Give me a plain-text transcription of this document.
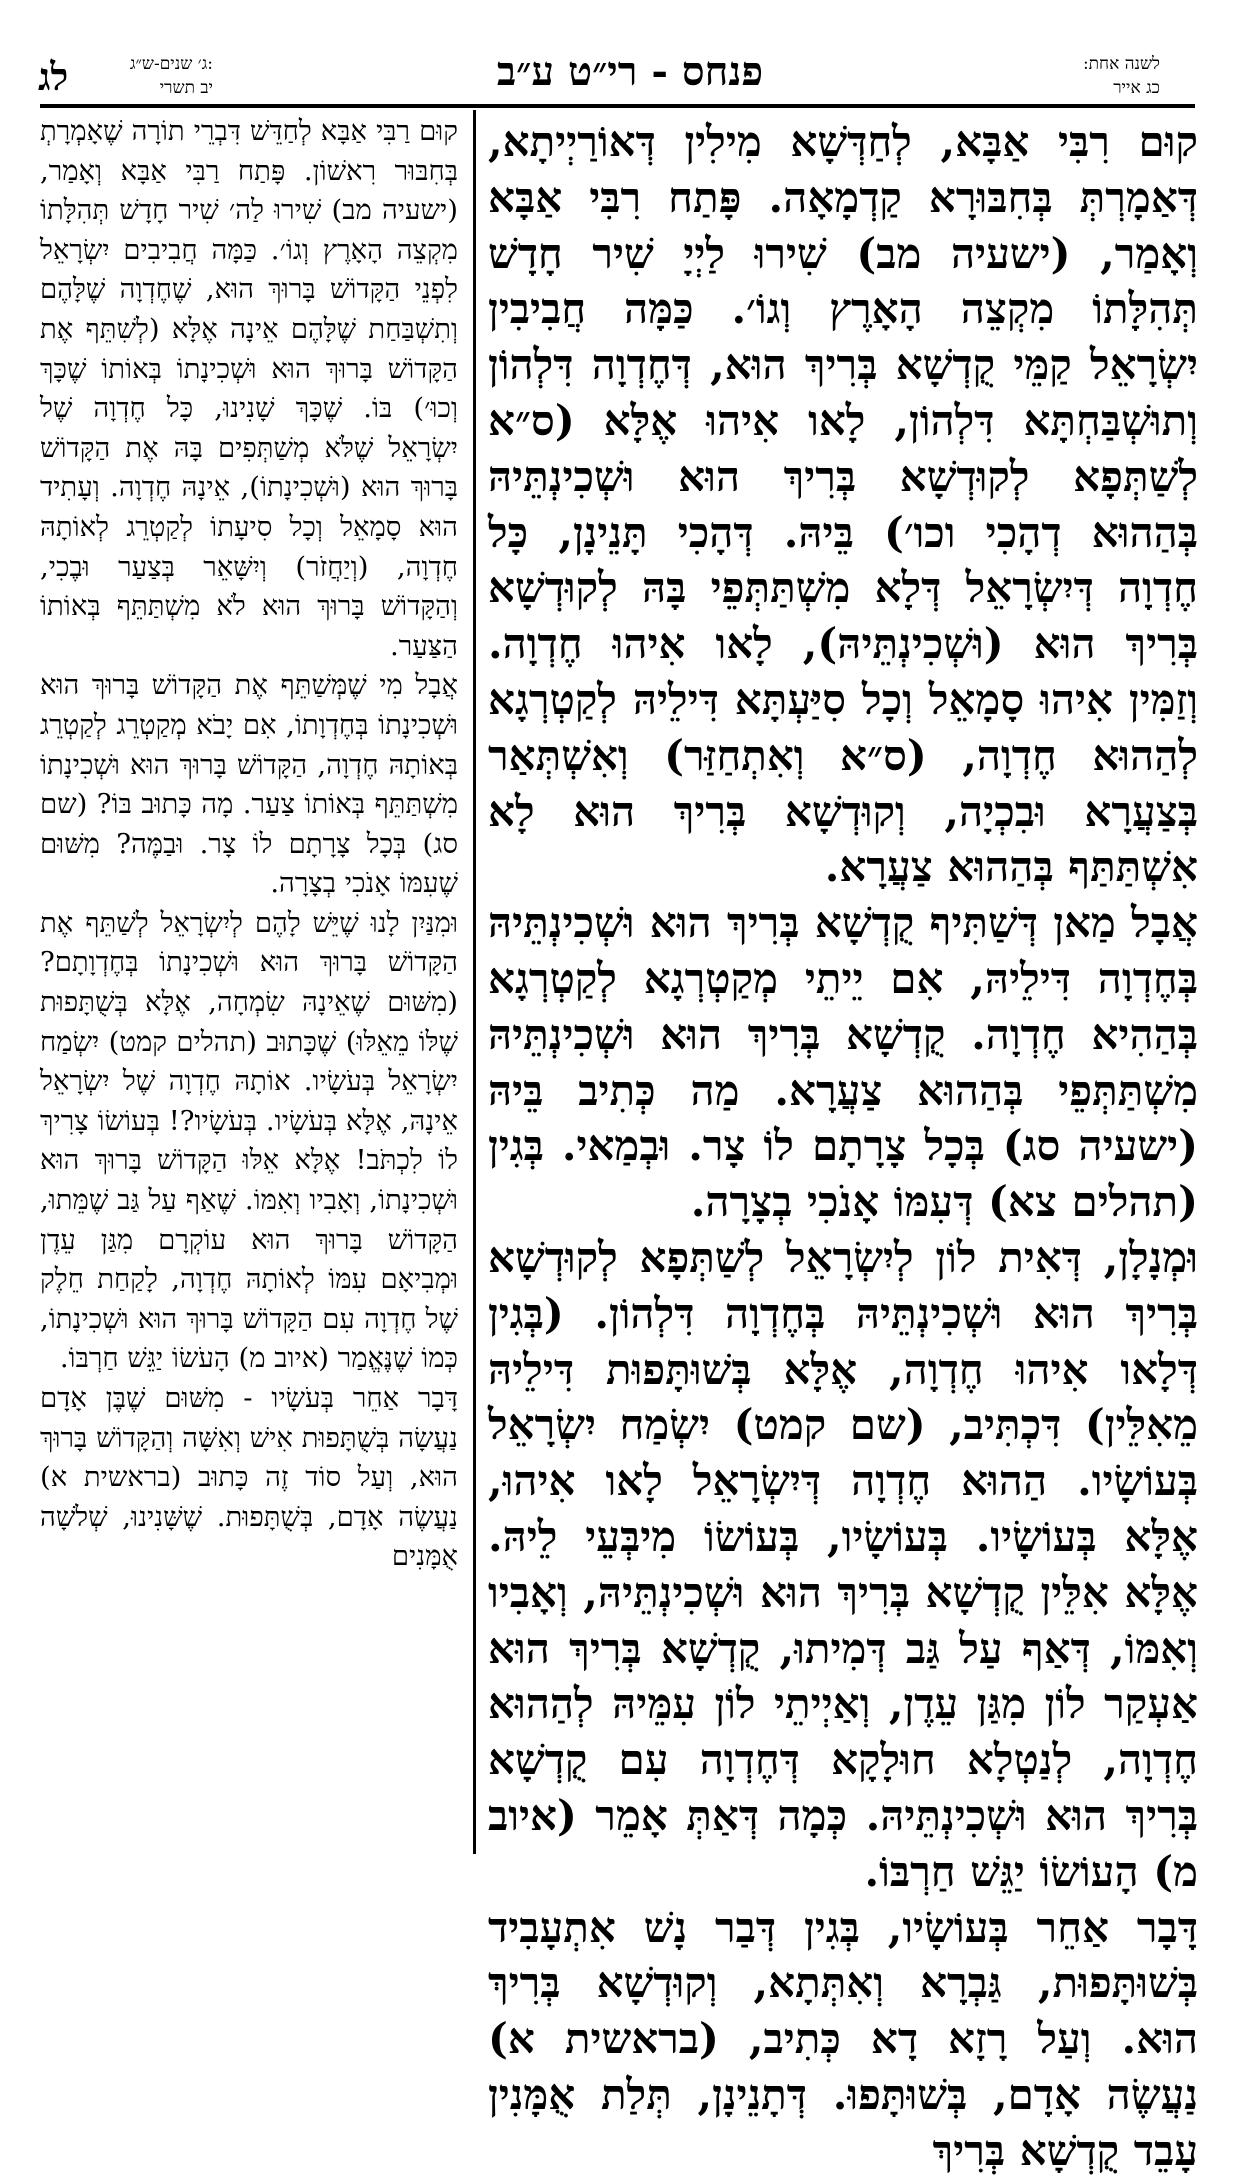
לג	ג׳ שנים-ש״ג:
יב תשרי	פנחס - רי״ט ע״ב	לשנה אחת:
כג אייר

קוּם רִבִּי אַבָּא, לְחַדְּשָׁא מִילִין דְּאוֹרַיְיתָא, דְּאַמָרְתְּ בְּחִבּוּרָא קַדְמָאָה. פָּתַח רִבִּי אַבָּא וְאָמַר, (ישעיה מב) שִׁירוּ לַיְיָ שִׁיר חָדָשׁ תְּהִלָּתוֹ מִקְצֵה הָאָרֶץ וְגוֹ׳. כַּמָּה חֲבִיבִין יִשְׂרָאֵל קַמֵּי קֻדְשָׁא בְּרִיךְ הוּא, דְּחֶדְוָה דִּלְהוֹן וְתוּשְׁבַּחְתָּא דִּלְהוֹן, לָאו אִיהוּ אֶלָּא (ס״א לְשַׁתְּפָא לְקוּדְשָׁא בְּרִיךְ הוּא וּשְׁכִינְתֵּיהּ בְּהַהוּא דְהָכִי וכו׳) בֵּיהּ. דְּהָכִי תָּנֵינָן, כָּל חֶדְוָה דְּיִשְׂרָאֵל דְּלָא מִשְׁתַּתְּפֵי בָּהּ לְקוּדְשָׁא בְּרִיךְ הוּא (וּשְׁכִינְתֵּיהּ), לָאו אִיהוּ חֶדְוָה. וְזַמִּין אִיהוּ סָמָאֵל וְכָל סִיַּעְתָּא דִּילֵיהּ לְקַטְרְגָא לְהַהוּא חֶדְוָה, (ס״א וְאִתְחַזַּר) וְאִשְׁתְּאַר בְּצַעֲרָא וּבִכְיָה, וְקוּדְשָׁא בְּרִיךְ הוּא לָא אִשְׁתַּתַּף בְּהַהוּא צַעֲרָא.

אֲבָל מַאן דְּשַׁתִּיף קֻדְשָׁא בְּרִיךְ הוּא וּשְׁכִינְתֵּיהּ בְּחֶדְוָה דִּילֵיהּ, אִם יֵיתֵי מְקַטְרְגָא לְקַטְרְגָא בְּהַהִיא חֶדְוָה. קֻדְשָׁא בְּרִיךְ הוּא וּשְׁכִינְתֵּיהּ מִשְׁתַּתְּפֵי בְּהַהוּא צַעֲרָא. מַה כְּתִיב בֵּיהּ (ישעיה סג) בְּכָל צָרָתָם לוֹ צָר. וּבְמַאי. בְּגִין (תהלים צא) דְּעִמּוֹ אָנֹכִי בְצָרָה.

וּמְנָלָן, דְּאִית לוֹן לְיִשְׂרָאֵל לְשַׁתְּפָא לְקוּדְשָׁא בְּרִיךְ הוּא וּשְׁכִינְתֵּיהּ בְּחֶדְוָה דִּלְהוֹן. (בְּגִין דְּלָאו אִיהוּ חֶדְוָה, אֶלָּא בְּשׁוּתָּפוּת דִּילֵיהּ מֵאִלֵּין) דִּכְתִּיב, (שם קמט) יִשְׂמַח יִשְׂרָאֵל בְּעוֹשָׂיו. הַהוּא חֶדְוָה דְּיִשְׂרָאֵל לָאו אִיהוּ, אֶלָּא בְּעוֹשָׂיו. בְּעוֹשָׂיו, בְּעוֹשׂוֹ מִיבְּעֵי לֵיהּ. אֶלָּא אִלֵּין קֻדְשָׁא בְּרִיךְ הוּא וּשְׁכִינְתֵּיהּ, וְאָבִיו וְאִמּוֹ, דְּאַף עַל גַּב דְּמִיתוּ, קֻדְשָׁא בְּרִיךְ הוּא אַעְקַר לוֹן מִגַּן עֵדֶן, וְאַיְיתֵי לוֹן עִמֵּיהּ לְהַהוּא חֶדְוָה, לְנַטְלָא חוּלָקָא דְּחֶדְוָה עִם קֻדְשָׁא בְּרִיךְ הוּא וּשְׁכִינְתֵּיהּ. כְּמָה דְּאַתְּ אָמֵר (איוב מ) הָעוֹשׂוֹ יַגֵּשׁ חַרְבּוֹ.

דָּבָר אַחֵר בְּעוֹשָׂיו, בְּגִין דְּבַר נָשׁ אִתְעָבִיד בְּשׁוּתָּפוּת, גַּבְרָא וְאִתְּתָא, וְקוּדְשָׁא בְּרִיךְ הוּא. וְעַל רָזָא דָא כְּתִיב, (בראשית א) נַעֲשֶׂה אָדָם, בְּשׁוּתָּפוּ. דְּתָנֵינָן, תְּלַת אֻמָּנִין עָבֵד קֻדְשָׁא בְּרִיךְ

קוּם רַבִּי אַבָּא לְחַדֵּשׁ דִּבְרֵי תוֹרָה שֶׁאָמְרָתְ בְּחִבּוּר רִאשׁוֹן. פָּתַח רַבִּי אַבָּא וְאָמַר, (ישעיה מב) שִׁירוּ לַה׳ שִׁיר חָדָשׁ תְּהִלָּתוֹ מִקְצֵה הָאָרֶץ וְגוֹ׳. כַּמָּה חֲבִיבִים יִשְׂרָאֵל לִפְנֵי הַקָּדוֹשׁ בָּרוּךְ הוּא, שֶׁחֶדְוָה שֶׁלָּהֶם וְתִשְׁבַּחַת שֶׁלָּהֶם אֵינָה אֶלָּא (לְשִׁתֵּף אֶת הַקָּדוֹשׁ בָּרוּךְ הוּא וּשְׁכִינָתוֹ בְּאוֹתוֹ שֶׁכָּךְ וְכוּ׳) בּוֹ. שֶׁכָּךְ שָׁנִינוּ, כָּל חֶדְוָה שֶׁל יִשְׂרָאֵל שֶׁלֹּא מְשַׁתְּפִים בָּהּ אֶת הַקָּדוֹשׁ בָּרוּךְ הוּא (וּשְׁכִינָתוֹ), אֵינָהּ חֶדְוָה. וְעָתִיד הוּא סָמָאֵל וְכָל סִיעָתוֹ לְקַטְרֵג לְאוֹתָהּ חֶדְוָה, (וְיַחֲזֹר) וְיִשָּׁאֵר בְּצַעַר וּבֶכִי, וְהַקָּדוֹשׁ בָּרוּךְ הוּא לֹא מִשְׁתַּתֵּף בְּאוֹתוֹ הַצַּעַר.

אֲבָל מִי שֶׁמְּשַׁתֵּף אֶת הַקָּדוֹשׁ בָּרוּךְ הוּא וּשְׁכִינָתוֹ בְּחֶדְוָתוֹ, אִם יָבֹא מְקַטְרֵג לְקַטְרֵג בְּאוֹתָהּ חֶדְוָה, הַקָּדוֹשׁ בָּרוּךְ הוּא וּשְׁכִינָתוֹ מִשְׁתַּתֵּף בְּאוֹתוֹ צַעַר. מָה כָּתוּב בּוֹ? (שם סג) בְּכָל צָרָתָם לוֹ צָר. וּבַמֶּה? מִשּׁוּם שֶׁעִמּוֹ אָנֹכִי בְצָרָה.

וּמִנַּיִן לָנוּ שֶׁיֵּשׁ לָהֶם לְיִשְׂרָאֵל לְשַׁתֵּף אֶת הַקָּדוֹשׁ בָּרוּךְ הוּא וּשְׁכִינָתוֹ בְּחֶדְוָתָם? (מִשּׁוּם שֶׁאֵינָהּ שִׂמְחָה, אֶלָּא בְּשֻׁתָּפוּת שֶׁלּוֹ מֵאֵלּוּ) שֶׁכָּתוּב (תהלים קמט) יִשְׂמַח יִשְׂרָאֵל בְּעֹשָׂיו. אוֹתָהּ חֶדְוָה שֶׁל יִשְׂרָאֵל אֵינָהּ, אֶלָּא בְּעֹשָׂיו. בְּעֹשָׂיו?! בְּעוֹשׂוֹ צָרִיךְ לוֹ לִכְתֹּב! אֶלָּא אֵלּוּ הַקָּדוֹשׁ בָּרוּךְ הוּא וּשְׁכִינָתוֹ, וְאָבִיו וְאִמּוֹ. שֶׁאַף עַל גַּב שֶׁמֵּתוּ, הַקָּדוֹשׁ בָּרוּךְ הוּא עוֹקְרָם מִגַּן עֵדֶן וּמְבִיאָם עִמּוֹ לְאוֹתָהּ חֶדְוָה, לָקַחַת חֵלֶק שֶׁל חֶדְוָה עִם הַקָּדוֹשׁ בָּרוּךְ הוּא וּשְׁכִינָתוֹ, כְּמוֹ שֶׁנֶּאֱמַר (איוב מ) הָעֹשׂוֹ יַגֵּשׁ חַרְבּוֹ.

דָּבָר אַחֵר בְּעֹשָׂיו - מִשּׁוּם שֶׁבֶּן אָדָם נַעֲשָׂה בְּשֻׁתָּפוּת אִישׁ וְאִשָּׁה וְהַקָּדוֹשׁ בָּרוּךְ הוּא, וְעַל סוֹד זֶה כָּתוּב (בראשית א) נַעֲשֶׂה אָדָם, בְּשֻׁתָּפוּת. שֶׁשָּׁנִינוּ, שְׁלֹשָׁה אֻמָּנִים
